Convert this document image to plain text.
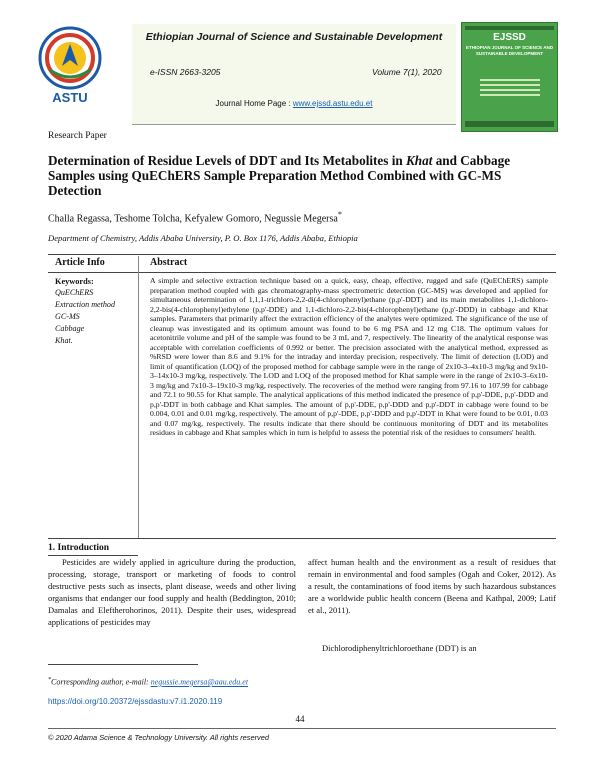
ASTU
Ethiopian Journal of Science and Sustainable Development
e-ISSN 2663-3205	Volume 7(1), 2020
Journal Home Page : www.ejssd.astu.edu.et
EJSSD
ETHIOPIAN JOURNAL OF SCIENCE AND SUSTAINABLE DEVELOPMENT
Research Paper
Determination of Residue Levels of DDT and Its Metabolites in Khat and Cabbage Samples using QuEChERS Sample Preparation Method Combined with GC-MS Detection
Challa Regassa, Teshome Tolcha, Kefyalew Gomoro, Negussie Megersa*
Department of Chemistry, Addis Ababa University, P. O. Box 1176, Addis Ababa, Ethiopia
Article Info	Abstract
Keywords:
QuEChERS
Extraction method
GC-MS
Cabbage
Khat.

A simple and selective extraction technique based on a quick, easy, cheap, effective, rugged and safe (QuEChERS) sample preparation method coupled with gas chromatography-mass spectrometric detection (GC-MS) was developed and applied for simultaneous determination of 1,1,1-trichloro-2,2-di(4-chlorophenyl)ethane (p,p'-DDT) and its main metabolites 1,1-dichloro-2,2-bis(4-chlorophenyl)ethylene (p,p'-DDE) and 1,1-dichloro-2,2-bis(4-chlorophenyl)ethane (p,p'-DDD) in cabbage and Khat samples. Parameters that primarily affect the extraction efficiency of the analytes were optimized. The significance of the use of cleanup was investigated and its optimum amount was found to be 6 mg PSA and 12 mg C18. The optimum values for acetonitrile volume and pH of the sample was found to be 3 mL and 7, respectively. The linearity of the analytical response was acceptable with correlation coefficients of 0.992 or better. The precision associated with the analytical method, expressed as %RSD were lower than 8.6 and 9.1% for the intraday and interday precision, respectively. The limit of detection (LOD) and limit of quantification (LOQ) of the proposed method for cabbage sample were in the range of 2x10-3–4x10-3 mg/kg and 9x10-3–14x10-3 mg/kg, respectively. The LOD and LOQ of the proposed method for Khat sample were in the range of 2x10-3–6x10-3 mg/kg and 7x10-3–19x10-3 mg/kg, respectively. The recoveries of the method were ranging from 97.16 to 107.99 for cabbage and 72.1 to 90.55 for Khat sample. The analytical applications of this method indicated the presence of p,p'-DDE, p,p'-DDD and p,p'-DDT in both cabbage and Khat samples. The amount of p,p'-DDE, p,p'-DDD and p,p'-DDT in cabbage were found to be 0.004, 0.01 and 0.01 mg/kg, respectively. The amount of p,p'-DDE, p,p'-DDD and p,p'-DDT in Khat were found to be 0.01, 0.03 and 0.07 mg/kg, respectively. The results indicate that there should be continuous monitoring of DDT and its metabolites residues in cabbage and Khat samples which in turn is helpful to assess the potential risk of the residues to consumers' health.

1. Introduction

Pesticides are widely applied in agriculture during the production, processing, storage, transport or marketing of foods to control destructive pests such as insects, plant disease, weeds and other living organisms that endanger our food supply and health (Beddington, 2010; Damalas and Eleftherohorinos, 2011). Despite their uses, widespread applications of pesticides may

affect human health and the environment as a result of residues that remain in environmental and food samples (Ogah and Coker, 2012). As a result, the contaminations of food items by such hazardous substances are a worldwide public health concern (Beena and Kathpal, 2009; Latif et al., 2011).

Dichlorodiphenyltrichloroethane (DDT) is an

*Corresponding author, e-mail: negussie.megersa@aau.edu.et
https://doi.org/10.20372/ejssdastu:v7.i1.2020.119
44
© 2020 Adama Science & Technology University. All rights reserved
